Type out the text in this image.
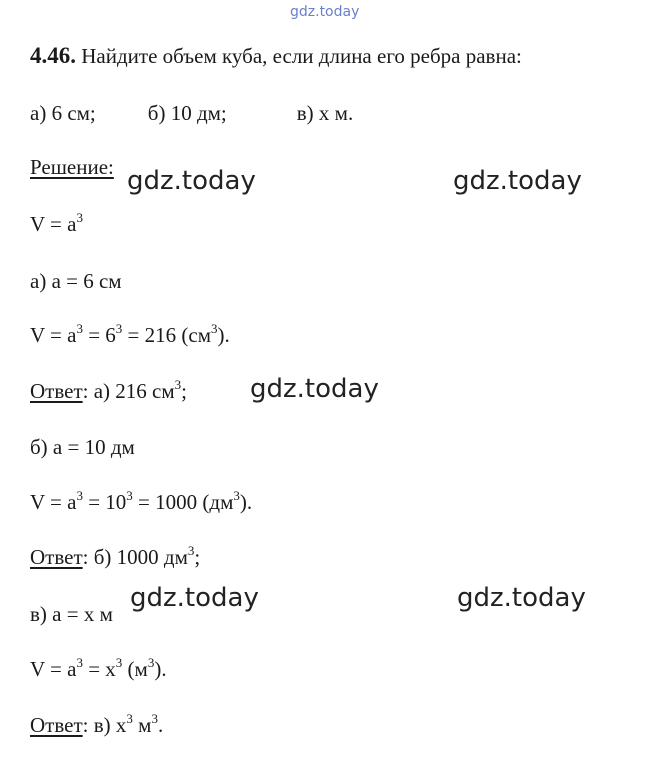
gdz.today
4.46. Найдите объем куба, если длина его ребра равна:
а) 6 см; б) 10 дм;	в) x м.
Решение:
$V = a^3$
а) a = 6 см
$V = a^3 = 6^3 = 216$ $(см^3)$.
Ответ: а) 216 $см^3$;
б) a = 10 дм
$V = a^3 = 10^3 = 1000$ $(дм^3)$.
Ответ: б) 1000 $дм^3$;
в) a = x м
$V = a^3 = x^3$ $(м^3)$.
Ответ: в) $x^3$ $м^3$.
gdz.today	gdz.today
gdz.today
gdz.today	gdz.today
